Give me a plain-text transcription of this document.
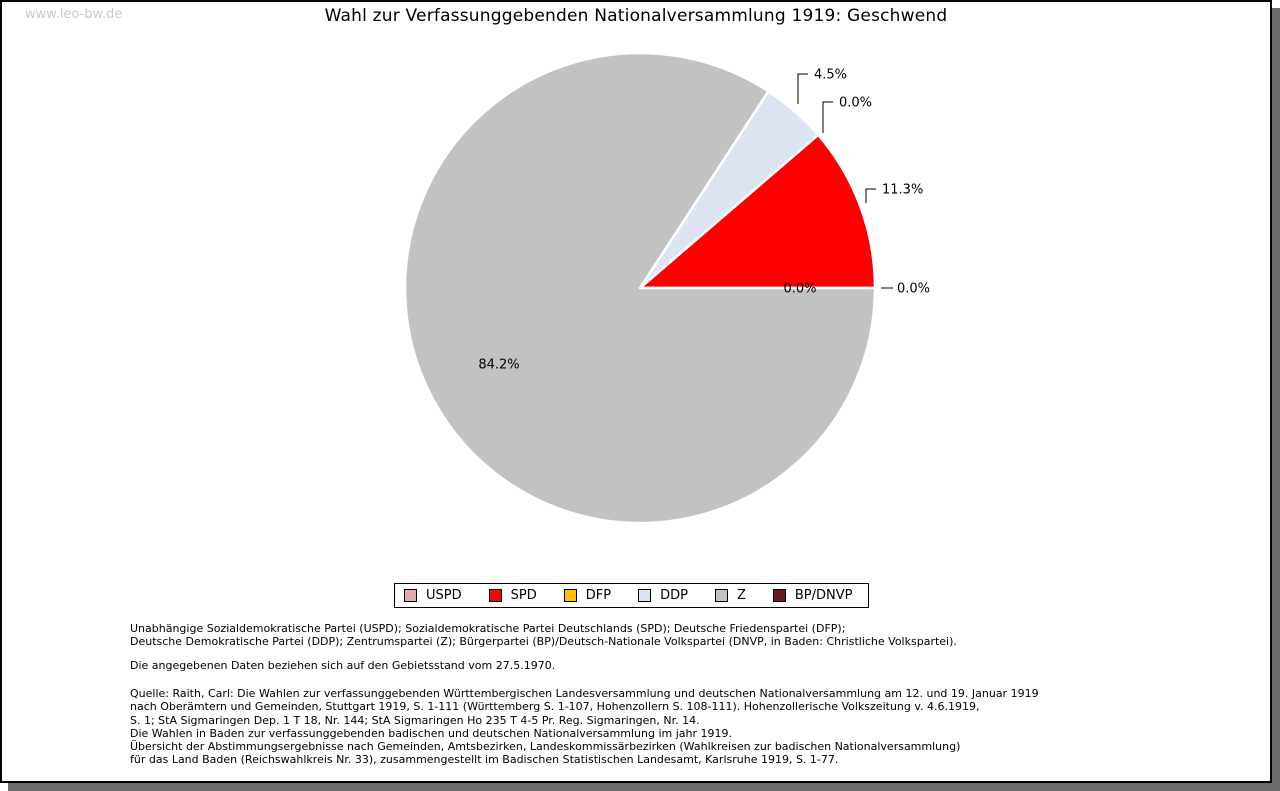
www.leo-bw.de	Wahl zur Verfassunggebenden Nationalversammlung 1919: Geschwend
0.0%
11.3%
0.0%
4.5%
84.2%
0.0%
USPD	SPD	DFP	DDP	Z	BP/DNVP
Unabhängige Sozialdemokratische Partei (USPD); Sozialdemokratische Partei Deutschlands (SPD); Deutsche Friedenspartei (DFP);
Deutsche Demokratische Partei (DDP); Zentrumspartei (Z); Bürgerpartei (BP)/Deutsch-Nationale Volkspartei (DNVP, in Baden: Christliche Volkspartei).
Die angegebenen Daten beziehen sich auf den Gebietsstand vom 27.5.1970.
Quelle: Raith, Carl: Die Wahlen zur verfassunggebenden Württembergischen Landesversammlung und deutschen Nationalversammlung am 12. und 19. Januar 1919
nach Oberämtern und Gemeinden, Stuttgart 1919, S. 1-111 (Württemberg S. 1-107, Hohenzollern S. 108-111). Hohenzollerische Volkszeitung v. 4.6.1919,
S. 1; StA Sigmaringen Dep. 1 T 18, Nr. 144; StA Sigmaringen Ho 235 T 4-5 Pr. Reg. Sigmaringen, Nr. 14.
Die Wahlen in Baden zur verfassunggebenden badischen und deutschen Nationalversammlung im jahr 1919.
Übersicht der Abstimmungsergebnisse nach Gemeinden, Amtsbezirken, Landeskommissärbezirken (Wahlkreisen zur badischen Nationalversammlung)
für das Land Baden (Reichswahlkreis Nr. 33), zusammengestellt im Badischen Statistischen Landesamt, Karlsruhe 1919, S. 1-77.
